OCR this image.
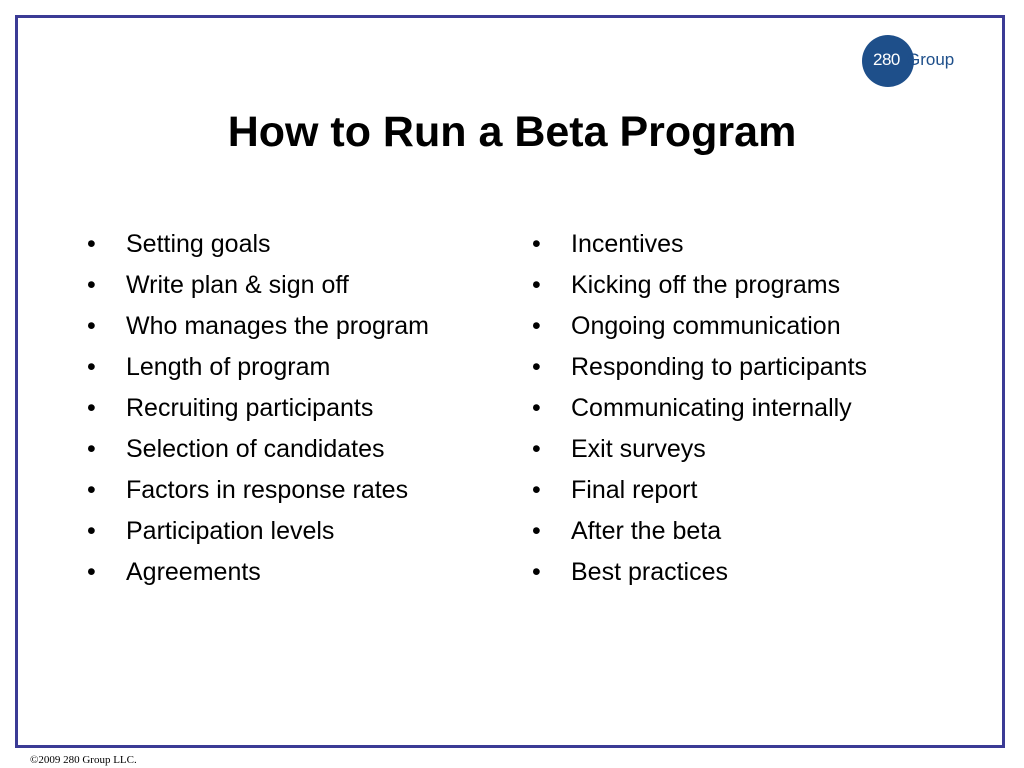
280 Group
How to Run a Beta Program
• Setting goals
• Write plan & sign off
• Who manages the program
• Length of program
• Recruiting participants
• Selection of candidates
• Factors in response rates
• Participation levels
• Agreements
• Incentives
• Kicking off the programs
• Ongoing communication
• Responding to participants
• Communicating internally
• Exit surveys
• Final report
• After the beta
• Best practices
©2009 280 Group LLC.
